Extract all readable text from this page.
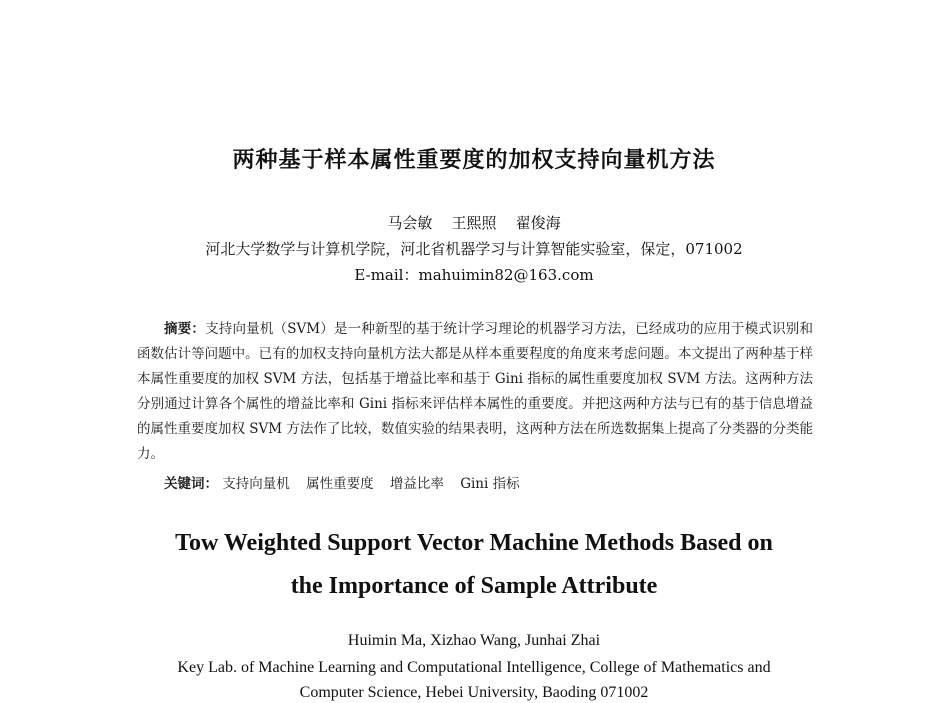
两种基于样本属性重要度的加权支持向量机方法
马会敏    王熙照    翟俊海
河北大学数学与计算机学院，河北省机器学习与计算智能实验室，保定，071002
E-mail：mahuimin82@163.com

摘要：支持向量机（SVM）是一种新型的基于统计学习理论的机器学习方法，已经成功的应用于模式识别和函数估计等问题中。已有的加权支持向量机方法大都是从样本重要程度的角度来考虑问题。本文提出了两种基于样本属性重要度的加权 SVM 方法，包括基于增益比率和基于 Gini 指标的属性重要度加权 SVM 方法。这两种方法分别通过计算各个属性的增益比率和 Gini 指标来评估样本属性的重要度。并把这两种方法与已有的基于信息增益的属性重要度加权 SVM 方法作了比较，数值实验的结果表明，这两种方法在所选数据集上提高了分类器的分类能力。

关键词： 支持向量机 属性重要度 增益比率 Gini 指标
Tow Weighted Support Vector Machine Methods Based on
the Importance of Sample Attribute
Huimin Ma, Xizhao Wang, Junhai Zhai
Key Lab. of Machine Learning and Computational Intelligence, College of Mathematics and
Computer Science, Hebei University, Baoding 071002
